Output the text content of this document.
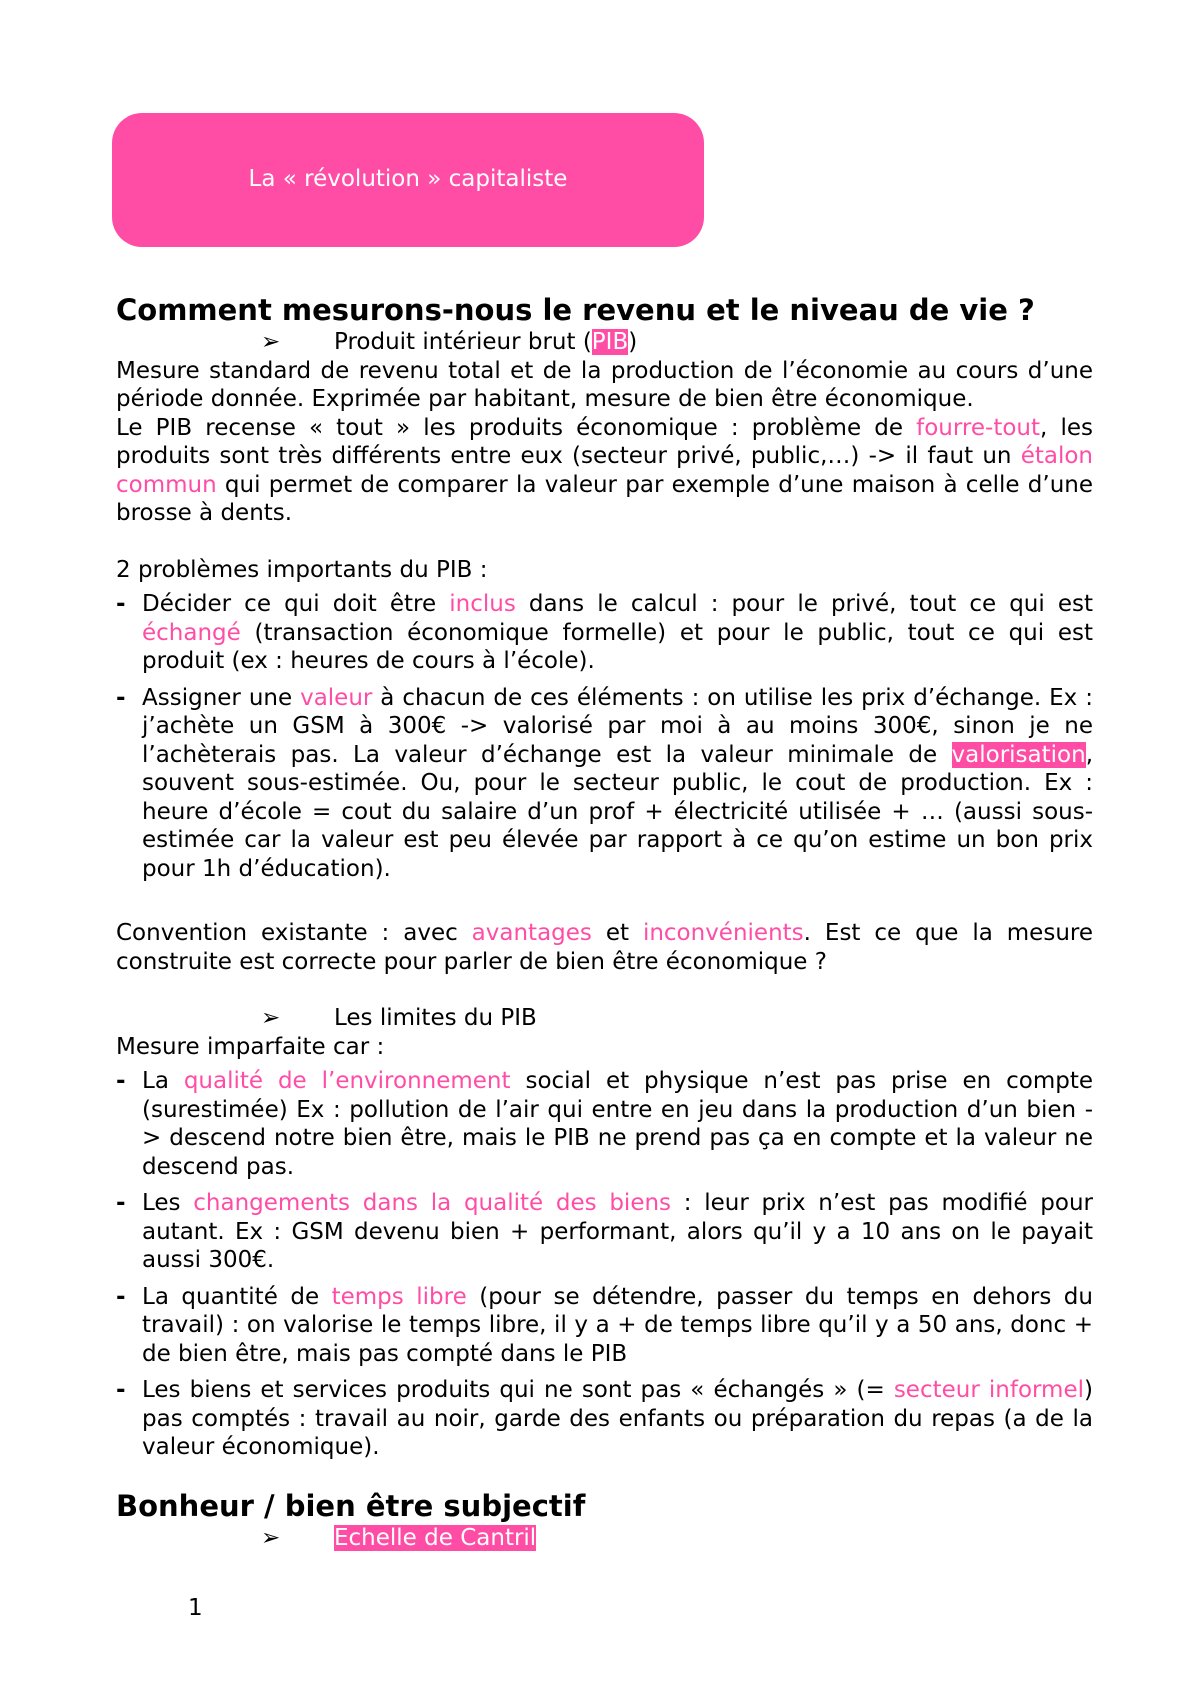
La « révolution » capitaliste
Comment mesurons-nous le revenu et le niveau de vie ?
➢ Produit intérieur brut (PIB)

Mesure standard de revenu total et de la production de l’économie au cours d’une période donnée. Exprimée par habitant, mesure de bien être économique.

Le PIB recense « tout » les produits économique : problème de fourre-tout, les produits sont très différents entre eux (secteur privé, public,…) -> il faut un étalon commun qui permet de comparer la valeur par exemple d’une maison à celle d’une brosse à dents.

2 problèmes importants du PIB :

- Décider ce qui doit être inclus dans le calcul : pour le privé, tout ce qui est échangé (transaction économique formelle) et pour le public, tout ce qui est produit (ex : heures de cours à l’école).
- Assigner une valeur à chacun de ces éléments : on utilise les prix d’échange. Ex : j’achète un GSM à 300€ -> valorisé par moi à au moins 300€, sinon je ne l’achèterais pas. La valeur d’échange est la valeur minimale de valorisation, souvent sous-estimée. Ou, pour le secteur public, le cout de production. Ex : heure d’école = cout du salaire d’un prof + électricité utilisée + … (aussi sous-estimée car la valeur est peu élevée par rapport à ce qu’on estime un bon prix pour 1h d’éducation).

Convention existante : avec avantages et inconvénients. Est ce que la mesure construite est correcte pour parler de bien être économique ?

➢ Les limites du PIB

Mesure imparfaite car :

- La qualité de l’environnement social et physique n’est pas prise en compte (surestimée) Ex : pollution de l’air qui entre en jeu dans la production d’un bien -> descend notre bien être, mais le PIB ne prend pas ça en compte et la valeur ne descend pas.
- Les changements dans la qualité des biens : leur prix n’est pas modifié pour autant. Ex : GSM devenu bien + performant, alors qu’il y a 10 ans on le payait aussi 300€.
- La quantité de temps libre (pour se détendre, passer du temps en dehors du travail) : on valorise le temps libre, il y a + de temps libre qu’il y a 50 ans, donc + de bien être, mais pas compté dans le PIB
- Les biens et services produits qui ne sont pas « échangés » (= secteur informel) pas comptés : travail au noir, garde des enfants ou préparation du repas (a de la valeur économique).
Bonheur / bien être subjectif
➢ Echelle de Cantril
1
